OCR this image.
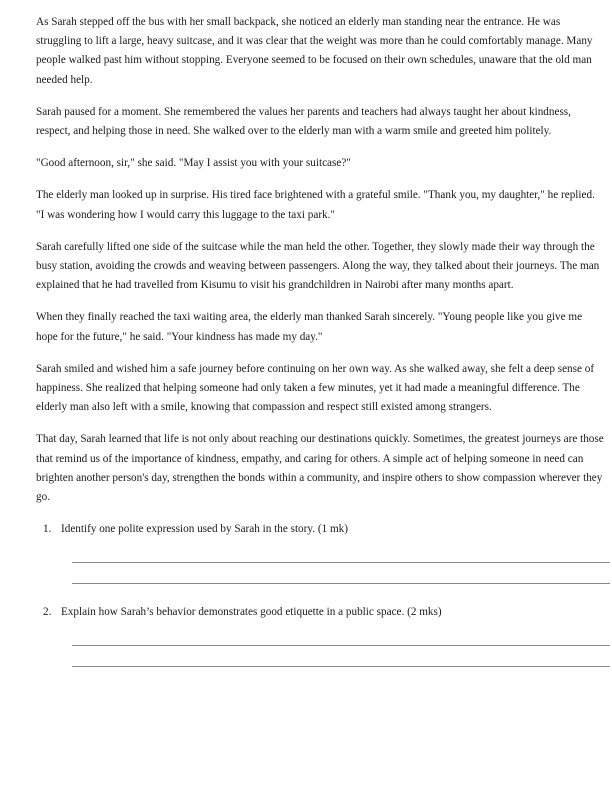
As Sarah stepped off the bus with her small backpack, she noticed an elderly man standing near the entrance. He was struggling to lift a large, heavy suitcase, and it was clear that the weight was more than he could comfortably manage. Many people walked past him without stopping. Everyone seemed to be focused on their own schedules, unaware that the old man needed help.

Sarah paused for a moment. She remembered the values her parents and teachers had always taught her about kindness, respect, and helping those in need. She walked over to the elderly man with a warm smile and greeted him politely.

"Good afternoon, sir," she said. "May I assist you with your suitcase?"

The elderly man looked up in surprise. His tired face brightened with a grateful smile. "Thank you, my daughter," he replied. "I was wondering how I would carry this luggage to the taxi park."

Sarah carefully lifted one side of the suitcase while the man held the other. Together, they slowly made their way through the busy station, avoiding the crowds and weaving between passengers. Along the way, they talked about their journeys. The man explained that he had travelled from Kisumu to visit his grandchildren in Nairobi after many months apart.

When they finally reached the taxi waiting area, the elderly man thanked Sarah sincerely. "Young people like you give me hope for the future," he said. "Your kindness has made my day."

Sarah smiled and wished him a safe journey before continuing on her own way. As she walked away, she felt a deep sense of happiness. She realized that helping someone had only taken a few minutes, yet it had made a meaningful difference. The elderly man also left with a smile, knowing that compassion and respect still existed among strangers.

That day, Sarah learned that life is not only about reaching our destinations quickly. Sometimes, the greatest journeys are those that remind us of the importance of kindness, empathy, and caring for others. A simple act of helping someone in need can brighten another person's day, strengthen the bonds within a community, and inspire others to show compassion wherever they go.

1. Identify one polite expression used by Sarah in the story. (1 mk)
2. Explain how Sarah’s behavior demonstrates good etiquette in a public space. (2 mks)
